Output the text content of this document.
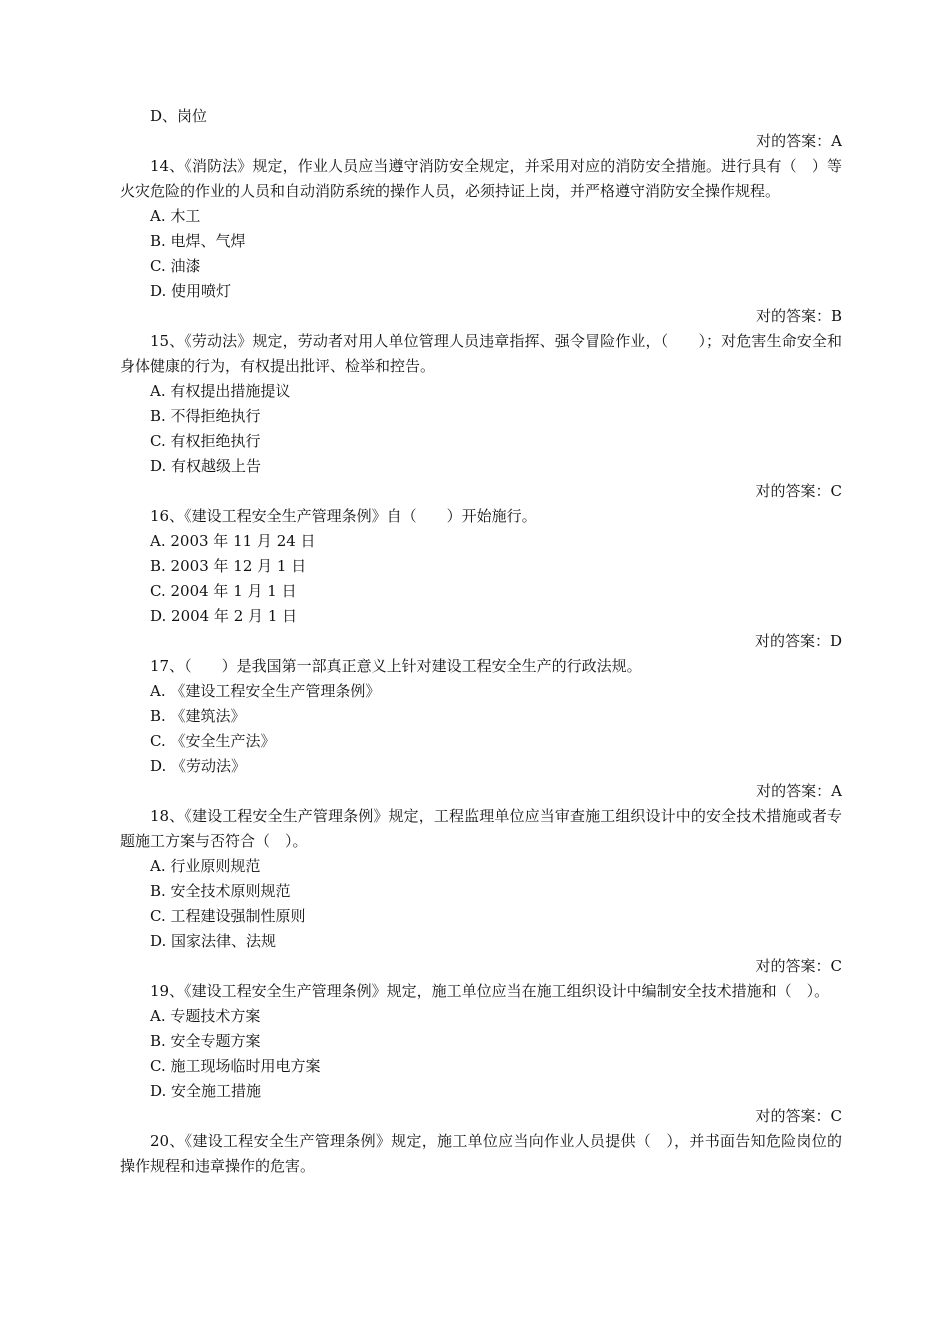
D、岗位

对的答案：A

14、《消防法》规定，作业人员应当遵守消防安全规定，并采用对应的消防安全措施。进行具有（　）等火灾危险的作业的人员和自动消防系统的操作人员，必须持证上岗，并严格遵守消防安全操作规程。

A. 木工

B. 电焊、气焊

C. 油漆

D. 使用喷灯

对的答案：B

15、《劳动法》规定，劳动者对用人单位管理人员违章指挥、强令冒险作业，（　　）；对危害生命安全和身体健康的行为，有权提出批评、检举和控告。

A. 有权提出措施提议

B. 不得拒绝执行

C. 有权拒绝执行

D. 有权越级上告

对的答案：C

16、《建设工程安全生产管理条例》自（　　）开始施行。

A. 2003 年 11 月 24 日

B. 2003 年 12 月 1 日

C. 2004 年 1 月 1 日

D. 2004 年 2 月 1 日

对的答案：D

17、（　　）是我国第一部真正意义上针对建设工程安全生产的行政法规。

A. 《建设工程安全生产管理条例》

B. 《建筑法》

C. 《安全生产法》

D. 《劳动法》

对的答案：A

18、《建设工程安全生产管理条例》规定，工程监理单位应当审查施工组织设计中的安全技术措施或者专题施工方案与否符合（　）。

A. 行业原则规范

B. 安全技术原则规范

C. 工程建设强制性原则

D. 国家法律、法规

对的答案：C

19、《建设工程安全生产管理条例》规定，施工单位应当在施工组织设计中编制安全技术措施和（　）。

A. 专题技术方案

B. 安全专题方案

C. 施工现场临时用电方案

D. 安全施工措施

对的答案：C

20、《建设工程安全生产管理条例》规定，施工单位应当向作业人员提供（　），并书面告知危险岗位的操作规程和违章操作的危害。
